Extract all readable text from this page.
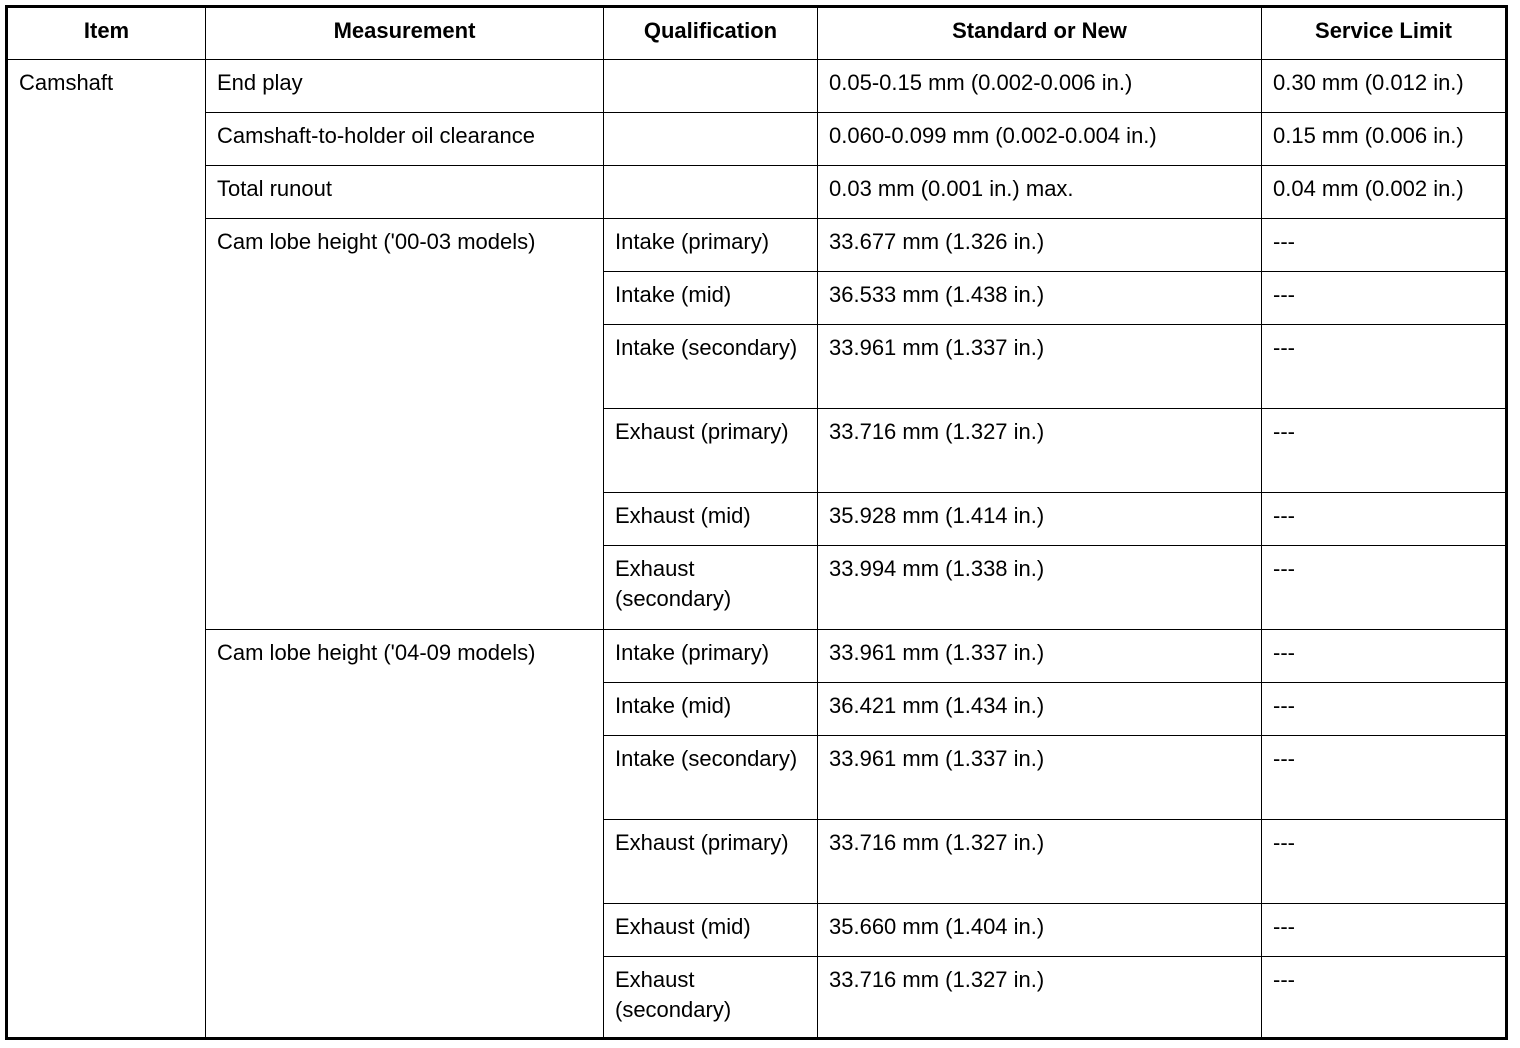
Item	Measurement	Qualification	Standard or New	Service Limit
Camshaft	End play		0.05-0.15 mm (0.002-0.006 in.)	0.30 mm (0.012 in.)
	Camshaft-to-holder oil clearance		0.060-0.099 mm (0.002-0.004 in.)	0.15 mm (0.006 in.)
	Total runout		0.03 mm (0.001 in.) max.	0.04 mm (0.002 in.)
	Cam lobe height ('00-03 models)	Intake (primary)	33.677 mm (1.326 in.)	---
		Intake (mid)	36.533 mm (1.438 in.)	---
		Intake (secondary)	33.961 mm (1.337 in.)	---
		Exhaust (primary)	33.716 mm (1.327 in.)	---
		Exhaust (mid)	35.928 mm (1.414 in.)	---
		Exhaust (secondary)	33.994 mm (1.338 in.)	---
	Cam lobe height ('04-09 models)	Intake (primary)	33.961 mm (1.337 in.)	---
		Intake (mid)	36.421 mm (1.434 in.)	---
		Intake (secondary)	33.961 mm (1.337 in.)	---
		Exhaust (primary)	33.716 mm (1.327 in.)	---
		Exhaust (mid)	35.660 mm (1.404 in.)	---
		Exhaust (secondary)	33.716 mm (1.327 in.)	---
